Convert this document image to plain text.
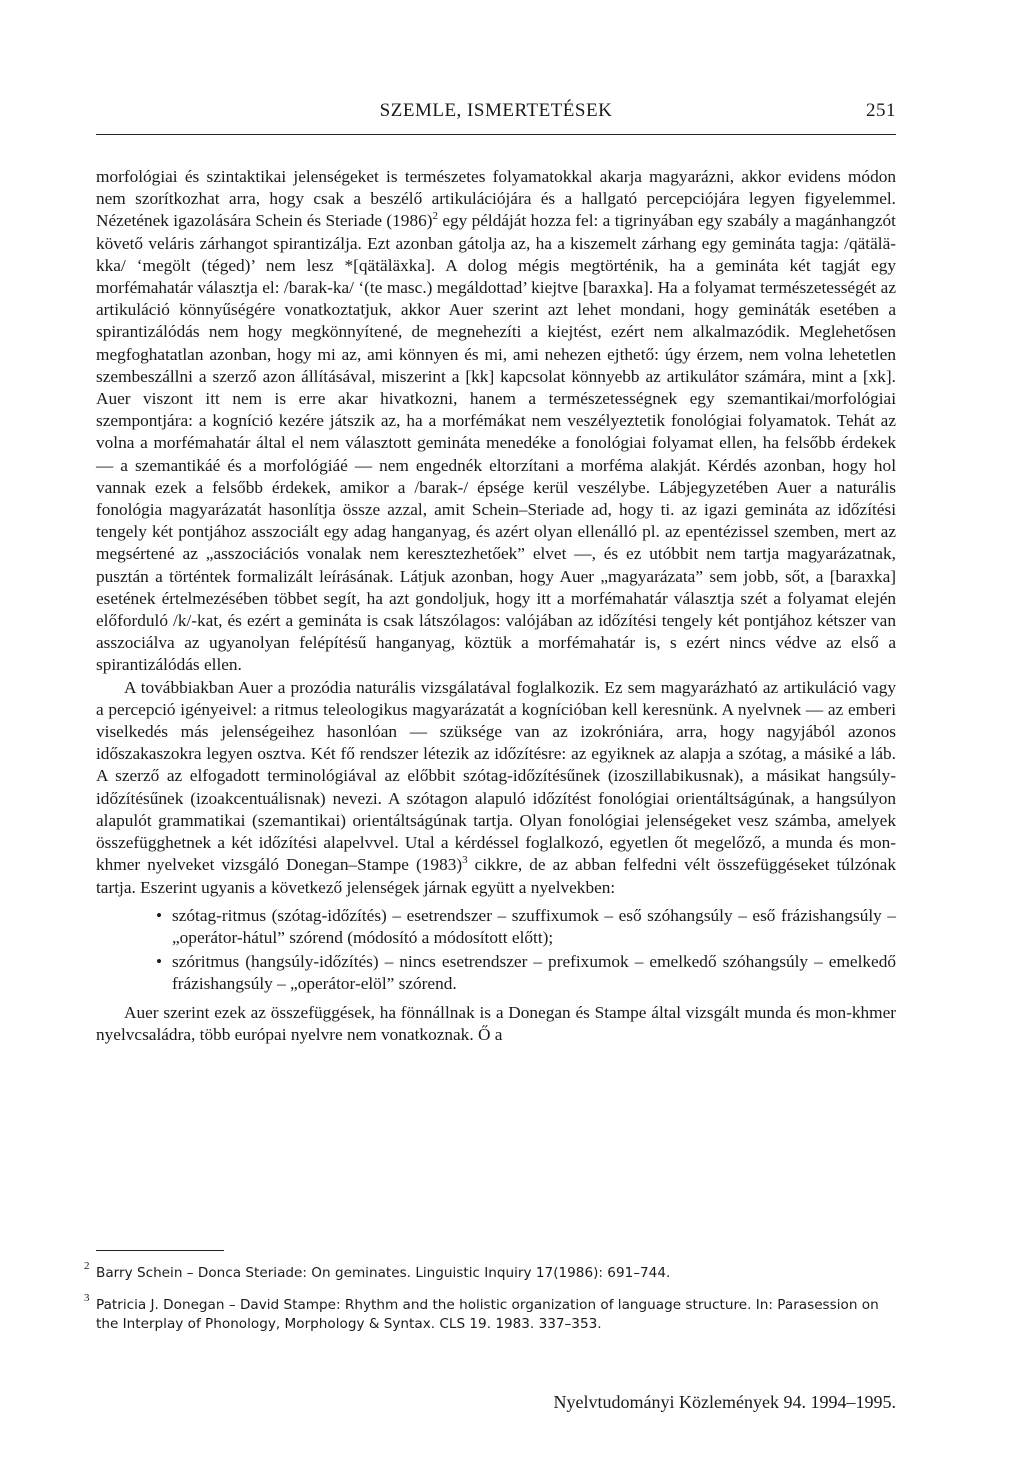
SZEMLE, ISMERTETÉSEK	251

morfológiai és szintaktikai jelenségeket is természetes folyamatokkal akarja magyarázni, akkor evidens módon nem szorítkozhat arra, hogy csak a beszélő artikulációjára és a hallgató percepciójára legyen figyelemmel. Nézetének igazolására Schein és Steriade $(1986)^2$ egy példáját hozza fel: a tigrinyában egy szabály a magánhangzót követő veláris zárhangot spirantizálja. Ezt azonban gátolja az, ha a kiszemelt zárhang egy gemináta tagja: /qätälä-kka/ ‘megölt (téged)’ nem lesz *[qätäläxka]. A dolog mégis megtörténik, ha a gemináta két tagját egy morfémahatár választja el: /barak-ka/ ‘(te masc.) megáldottad’ kiejtve [baraxka]. Ha a folyamat természetességét az artikuláció könnyűségére vonatkoztatjuk, akkor Auer szerint azt lehet mondani, hogy gemináták esetében a spirantizálódás nem hogy megkönnyítené, de megnehezíti a kiejtést, ezért nem alkalmazódik. Meglehetősen megfoghatatlan azonban, hogy mi az, ami könnyen és mi, ami nehezen ejthető: úgy érzem, nem volna lehetetlen szembeszállni a szerző azon állításával, miszerint a [kk] kapcsolat könnyebb az artikulátor számára, mint a [xk]. Auer viszont itt nem is erre akar hivatkozni, hanem a természetességnek egy szemantikai/morfológiai szempontjára: a kogníció kezére játszik az, ha a morfémákat nem veszélyeztetik fonológiai folyamatok. Tehát az volna a morfémahatár által el nem választott gemináta menedéke a fonológiai folyamat ellen, ha felsőbb érdekek — a szemantikáé és a morfológiáé — nem engednék eltorzítani a morféma alakját. Kérdés azonban, hogy hol vannak ezek a felsőbb érdekek, amikor a /barak-/ épsége kerül veszélybe. Lábjegyzetében Auer a naturális fonológia magyarázatát hasonlítja össze azzal, amit Schein–Steriade ad, hogy ti. az igazi gemináta az időzítési tengely két pontjához asszociált egy adag hanganyag, és azért olyan ellenálló pl. az epentézissel szemben, mert az megsértené az „asszociációs vonalak nem keresztezhetőek” elvet —, és ez utóbbit nem tartja magyarázatnak, pusztán a történtek formalizált leírásának. Látjuk azonban, hogy Auer „magyarázata” sem jobb, sőt, a [baraxka] esetének értelmezésében többet segít, ha azt gondoljuk, hogy itt a morfémahatár választja szét a folyamat elején előforduló /k/-kat, és ezért a gemináta is csak látszólagos: valójában az időzítési tengely két pontjához kétszer van asszociálva az ugyanolyan felépítésű hanganyag, köztük a morfémahatár is, s ezért nincs védve az első a spirantizálódás ellen.

A továbbiakban Auer a prozódia naturális vizsgálatával foglalkozik. Ez sem magyarázható az artikuláció vagy a percepció igényeivel: a ritmus teleologikus magyarázatát a kognícióban kell keresnünk. A nyelvnek — az emberi viselkedés más jelenségeihez hasonlóan — szüksége van az izokróniára, arra, hogy nagyjából azonos időszakaszokra legyen osztva. Két fő rendszer létezik az időzítésre: az egyiknek az alapja a szótag, a másiké a láb. A szerző az elfogadott terminológiával az előbbit szótag-időzítésűnek (izoszillabikusnak), a másikat hangsúly-időzítésűnek (izoakcentuálisnak) nevezi. A szótagon alapuló időzítést fonológiai orientáltságúnak, a hangsúlyon alapulót grammatikai (szemantikai) orientáltságúnak tartja. Olyan fonológiai jelenségeket vesz számba, amelyek összefügghetnek a két időzítési alapelvvel. Utal a kérdéssel foglalkozó, egyetlen őt megelőző, a munda és mon-khmer nyelveket vizsgáló Donegan–Stampe $(1983)^3$ cikkre, de az abban felfedni vélt összefüggéseket túlzónak tartja. Eszerint ugyanis a következő jelenségek járnak együtt a nyelvekben:

• szótag-ritmus (szótag-időzítés) – esetrendszer – szuffixumok – eső szóhangsúly – eső frázishangsúly – „operátor-hátul” szórend (módosító a módosított előtt);
• szóritmus (hangsúly-időzítés) – nincs esetrendszer – prefixumok – emelkedő szóhangsúly – emelkedő frázishangsúly – „operátor-elöl” szórend.

Auer szerint ezek az összefüggések, ha fönnállnak is a Donegan és Stampe által vizsgált munda és mon-khmer nyelvcsaládra, több európai nyelvre nem vonatkoznak. Ő a

2 Barry Schein – Donca Steriade: On geminates. Linguistic Inquiry 17(1986): 691–744.
3 Patricia J. Donegan – David Stampe: Rhythm and the holistic organization of language structure. In: Parasession on the Interplay of Phonology, Morphology & Syntax. CLS 19. 1983. 337–353.
Nyelvtudományi Közlemények 94. 1994–1995.
